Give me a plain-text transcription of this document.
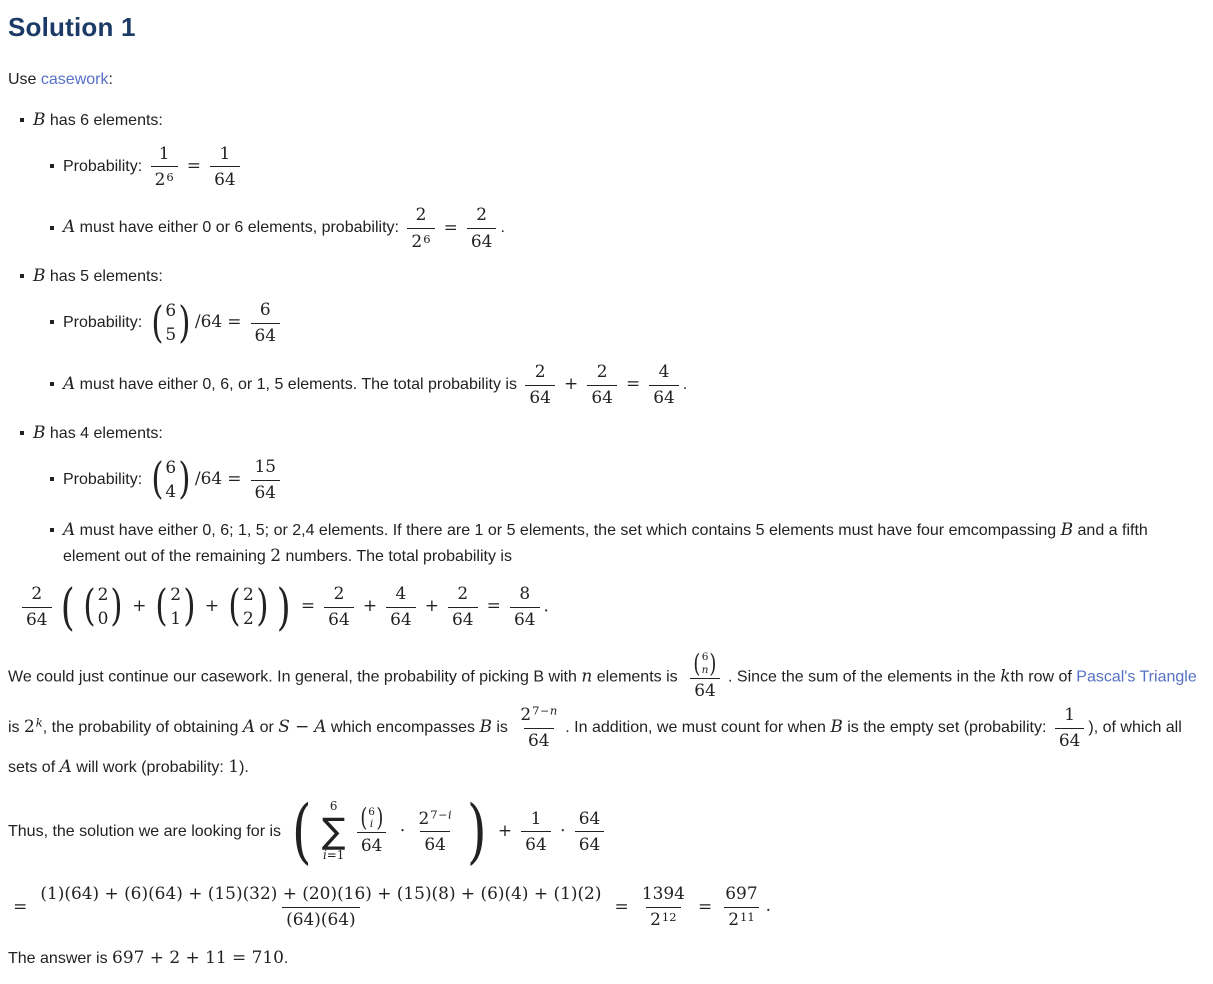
Solution 1

Use casework:

B has 6 elements:
Probability: $\frac{1}{26} = \frac{1}{64}$
A must have either 0 or 6 elements, probability: $\frac{2}{26} = \frac{2}{64}$ .
B has 5 elements:
Probability: ( 6
5 ) $/64 = \frac{6}{64}$
A must have either 0, 6, or 1, 5 elements. The total probability is $\frac{2}{64} + \frac{2}{64} = \frac{4}{64}$ .
B has 4 elements:
Probability: ( 6
4 ) $/64 = \frac{15}{64}$
A must have either 0, 6; 1, 5; or 2,4 elements. If there are 1 or 5 elements, the set which contains 5 elements must have four emcompassing B and a fifth element out of the remaining 2 numbers. The total probability is
$\frac{2}{64}$ ( ( 2
0 ) + ( 2
1 ) + ( 2
2 ) ) = $\frac{2}{64} + \frac{4}{64} + \frac{2}{64} = \frac{8}{64}$ .

We could just continue our casework. In general, the probability of picking B with n elements is ( 6
n )
64 . Since the sum of the elements in the kth row of Pascal's Triangle is 2k, the probability of obtaining A or S − A which encompasses B is $\frac{27-n}{64}$ . In addition, we must count for when B is the empty set (probability: $\frac{1}{64}$ ), of which all sets of A will work (probability: 1).

Thus, the solution we are looking for is ( 6
∑
i=1 ( 6
i )
$64 \cdot \frac{27-i}{64}$ ) + $\frac{1}{64} \cdot \frac{64}{64}$

=
(1)(64) + (6)(64) + (15)(32) + (20)(16) + (15)(8) + (6)(4) + (1)(2)
(64)(64)
= $\frac{1394}{212} = \frac{697}{211}$ .

The answer is 697 + 2 + 11 = 710.
